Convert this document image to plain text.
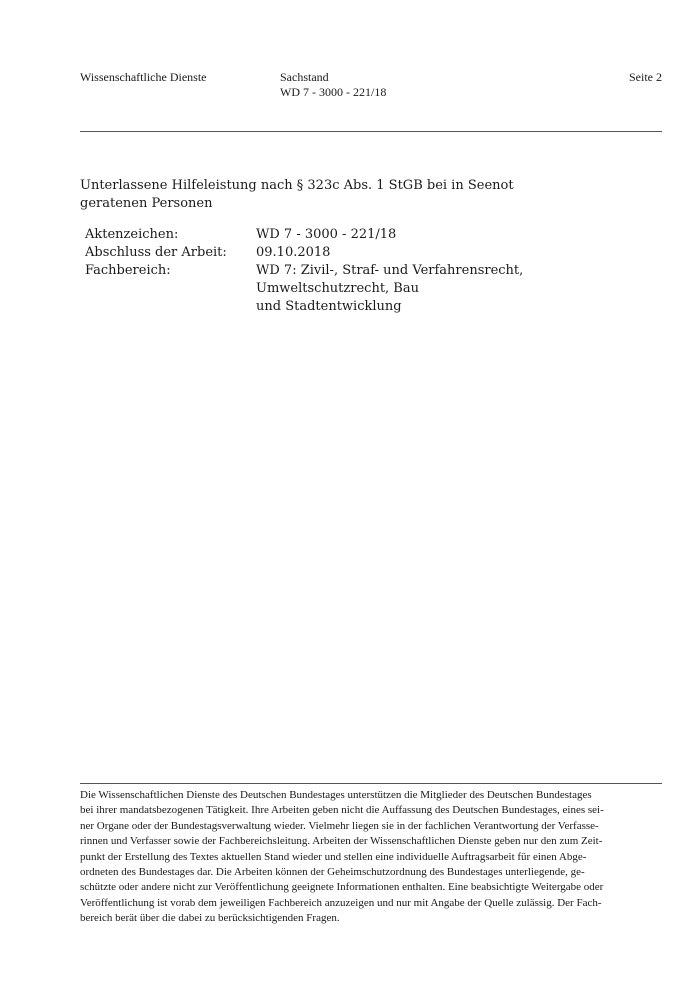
Wissenschaftliche Dienste	Sachstand
WD 7 - 3000 - 221/18
Seite 2
Unterlassene Hilfeleistung nach § 323c Abs. 1 StGB bei in Seenot
geratenen Personen
Aktenzeichen:	WD 7 - 3000 - 221/18
Abschluss der Arbeit:	09.10.2018
Fachbereich:	WD 7: Zivil-, Straf- und Verfahrensrecht, Umweltschutzrecht, Bau
und Stadtentwicklung
Die Wissenschaftlichen Dienste des Deutschen Bundestages unterstützen die Mitglieder des Deutschen Bundestages
bei ihrer mandatsbezogenen Tätigkeit. Ihre Arbeiten geben nicht die Auffassung des Deutschen Bundestages, eines sei-
ner Organe oder der Bundestagsverwaltung wieder. Vielmehr liegen sie in der fachlichen Verantwortung der Verfasse-
rinnen und Verfasser sowie der Fachbereichsleitung. Arbeiten der Wissenschaftlichen Dienste geben nur den zum Zeit-
punkt der Erstellung des Textes aktuellen Stand wieder und stellen eine individuelle Auftragsarbeit für einen Abge-
ordneten des Bundestages dar. Die Arbeiten können der Geheimschutzordnung des Bundestages unterliegende, ge-
schützte oder andere nicht zur Veröffentlichung geeignete Informationen enthalten. Eine beabsichtigte Weitergabe oder
Veröffentlichung ist vorab dem jeweiligen Fachbereich anzuzeigen und nur mit Angabe der Quelle zulässig. Der Fach-
bereich berät über die dabei zu berücksichtigenden Fragen.
